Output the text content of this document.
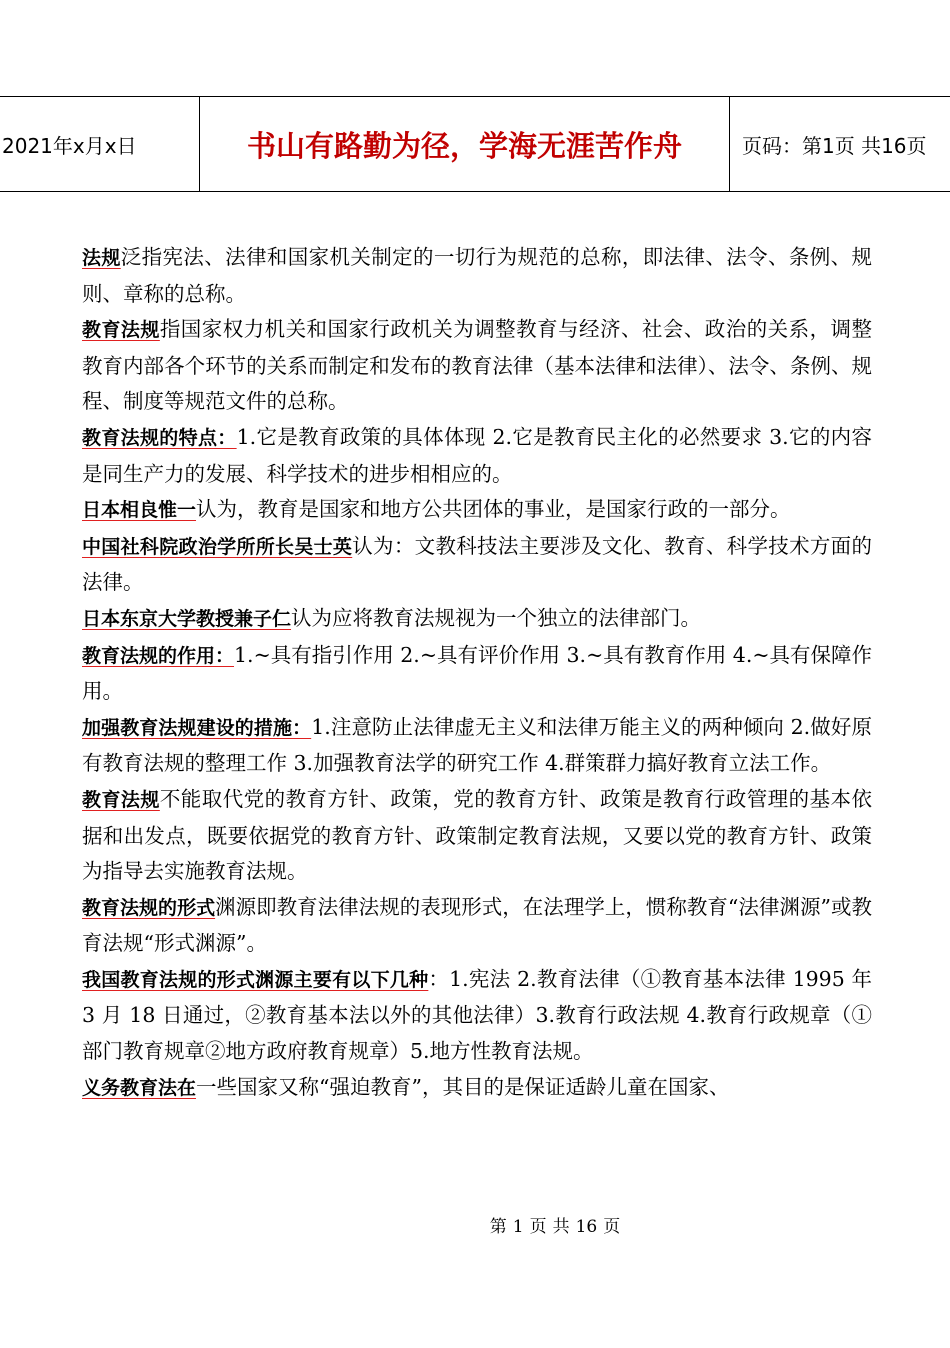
2021年x月x日	书山有路勤为径，学海无涯苦作舟	页码：第1页 共16页

法规泛指宪法、法律和国家机关制定的一切行为规范的总称，即法律、法令、条例、规则、章称的总称。

教育法规指国家权力机关和国家行政机关为调整教育与经济、社会、政治的关系，调整教育内部各个环节的关系而制定和发布的教育法律（基本法律和法律）、法令、条例、规程、制度等规范文件的总称。

教育法规的特点：1.它是教育政策的具体体现 2.它是教育民主化的必然要求 3.它的内容是同生产力的发展、科学技术的进步相相应的。

日本相良惟一认为，教育是国家和地方公共团体的事业，是国家行政的一部分。

中国社科院政治学所所长吴士英认为：文教科技法主要涉及文化、教育、科学技术方面的法律。

日本东京大学教授兼子仁认为应将教育法规视为一个独立的法律部门。

教育法规的作用：1.~具有指引作用 2.~具有评价作用 3.~具有教育作用 4.~具有保障作用。

加强教育法规建设的措施：1.注意防止法律虚无主义和法律万能主义的两种倾向 2.做好原有教育法规的整理工作 3.加强教育法学的研究工作 4.群策群力搞好教育立法工作。

教育法规不能取代党的教育方针、政策，党的教育方针、政策是教育行政管理的基本依据和出发点，既要依据党的教育方针、政策制定教育法规，又要以党的教育方针、政策为指导去实施教育法规。

教育法规的形式渊源即教育法律法规的表现形式，在法理学上，惯称教育“法律渊源”或教育法规“形式渊源”。

我国教育法规的形式渊源主要有以下几种：1.宪法 2.教育法律（①教育基本法律 1995 年 3 月 18 日通过，②教育基本法以外的其他法律）3.教育行政法规 4.教育行政规章（①部门教育规章②地方政府教育规章）5.地方性教育法规。

义务教育法在一些国家又称“强迫教育”，其目的是保证适龄儿童在国家、

第 1 页 共 16 页
